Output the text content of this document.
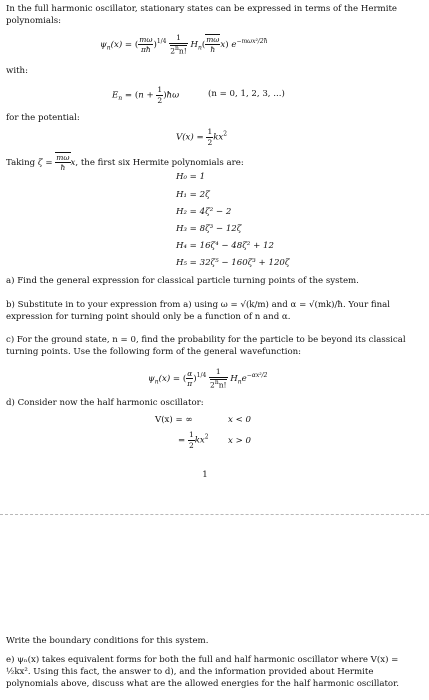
In the full harmonic oscillator, stationary states can be expressed in terms of the Hermite polynomials:
$\psi_n(x)$ = ( $\frac{m\omega}{\pi ħ} )^{1/4} \frac{1}{2^nn!} H_n( \frac{m\omega}{ħ} x)$ $e^{-m\omega x^2/2ħ}$
with:
$E_n = (n + \frac{1}{2}$ )ħω	(n = 0, 1, 2, 3, ...)
for the potential:
$V(x) = \frac{1}{2} kx^2$
Taking $\zeta = \frac{m\omega}{ħ} x$, the first six Hermite polynomials are:
H₀ = 1
H₁ = 2ζ
H₂ = 4ζ² − 2
H₃ = 8ζ³ − 12ζ
H₄ = 16ζ⁴ − 48ζ² + 12
H₅ = 32ζ⁵ − 160ζ³ + 120ζ
a) Find the general expression for classical particle turning points of the system.
b) Substitute in to your expression from a) using ω = √(k/m) and α = √(mk)/ħ. Your final expression for turning point should only be a function of n and α.
c) For the ground state, n = 0, find the probability for the particle to be beyond its classical turning points. Use the following form of the general wavefunction:
$\psi_n(x)$ = ( $\frac{\alpha}{\pi} )^{1/4} \frac{1}{2^nn!} H_ne^{-\alpha x^2/2}$
d) Consider now the half harmonic oscillator:
V(x) = ∞	x < 0
= $\frac{1}{2} kx^2$ x > 0
1
Write the boundary conditions for this system.
e) ψₙ(x) takes equivalent forms for both the full and half harmonic oscillator where V(x) = ½kx². Using this fact, the answer to d), and the information provided about Hermite polynomials above, discuss what are the allowed energies for the half harmonic oscillator.
